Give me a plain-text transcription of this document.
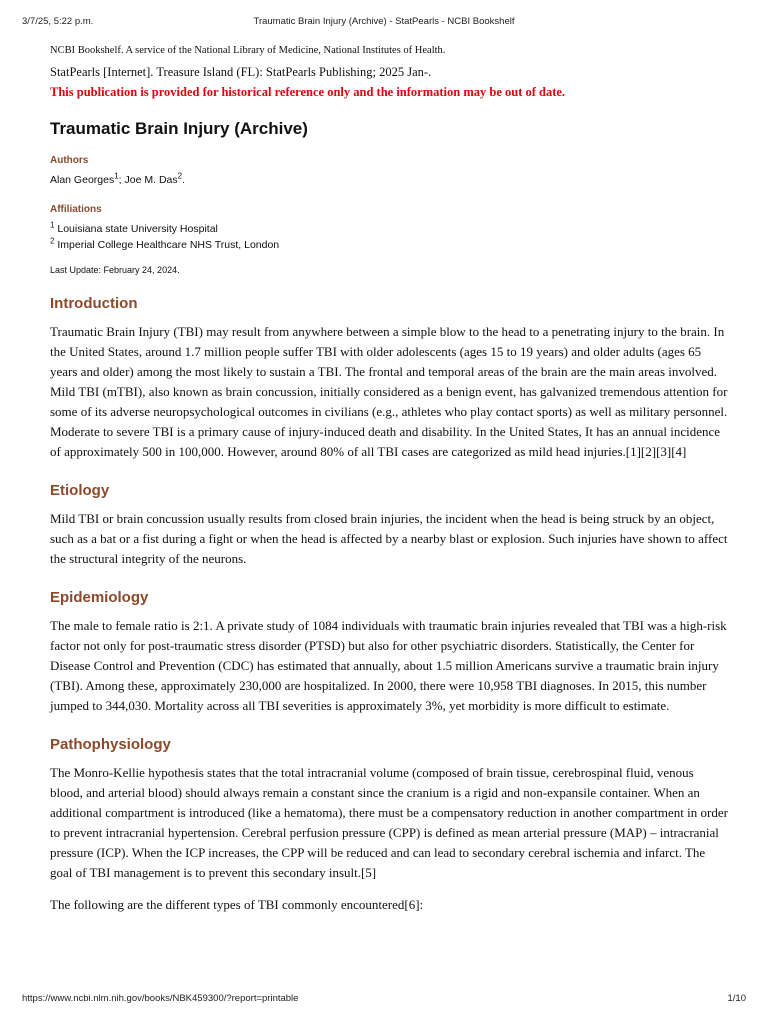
3/7/25, 5:22 p.m.	Traumatic Brain Injury (Archive) - StatPearls - NCBI Bookshelf

NCBI Bookshelf. A service of the National Library of Medicine, National Institutes of Health.

StatPearls [Internet]. Treasure Island (FL): StatPearls Publishing; 2025 Jan-.

This publication is provided for historical reference only and the information may be out of date.

Traumatic Brain Injury (Archive)
Authors
Alan Georges$^1$; Joe M. Das$^2$.
Affiliations
$^1$ Louisiana state University Hospital
$^2$ Imperial College Healthcare NHS Trust, London

Last Update: February 24, 2024.

Introduction

Traumatic Brain Injury (TBI) may result from anywhere between a simple blow to the head to a penetrating injury to the brain. In the United States, around 1.7 million people suffer TBI with older adolescents (ages 15 to 19 years) and older adults (ages 65 years and older) among the most likely to sustain a TBI. The frontal and temporal areas of the brain are the main areas involved. Mild TBI (mTBI), also known as brain concussion, initially considered as a benign event, has galvanized tremendous attention for some of its adverse neuropsychological outcomes in civilians (e.g., athletes who play contact sports) as well as military personnel. Moderate to severe TBI is a primary cause of injury-induced death and disability. In the United States, It has an annual incidence of approximately 500 in 100,000. However, around 80% of all TBI cases are categorized as mild head injuries.[1][2][3][4]

Etiology

Mild TBI or brain concussion usually results from closed brain injuries, the incident when the head is being struck by an object, such as a bat or a fist during a fight or when the head is affected by a nearby blast or explosion. Such injuries have shown to affect the structural integrity of the neurons.

Epidemiology

The male to female ratio is 2:1. A private study of 1084 individuals with traumatic brain injuries revealed that TBI was a high-risk factor not only for post-traumatic stress disorder (PTSD) but also for other psychiatric disorders. Statistically, the Center for Disease Control and Prevention (CDC) has estimated that annually, about 1.5 million Americans survive a traumatic brain injury (TBI). Among these, approximately 230,000 are hospitalized. In 2000, there were 10,958 TBI diagnoses. In 2015, this number jumped to 344,030. Mortality across all TBI severities is approximately 3%, yet morbidity is more difficult to estimate.

Pathophysiology

The Monro-Kellie hypothesis states that the total intracranial volume (composed of brain tissue, cerebrospinal fluid, venous blood, and arterial blood) should always remain a constant since the cranium is a rigid and non-expansile container. When an additional compartment is introduced (like a hematoma), there must be a compensatory reduction in another compartment in order to prevent intracranial hypertension. Cerebral perfusion pressure (CPP) is defined as mean arterial pressure (MAP) – intracranial pressure (ICP). When the ICP increases, the CPP will be reduced and can lead to secondary cerebral ischemia and infarct. The goal of TBI management is to prevent this secondary insult.[5]

The following are the different types of TBI commonly encountered[6]:

https://www.ncbi.nlm.nih.gov/books/NBK459300/?report=printable	1/10
